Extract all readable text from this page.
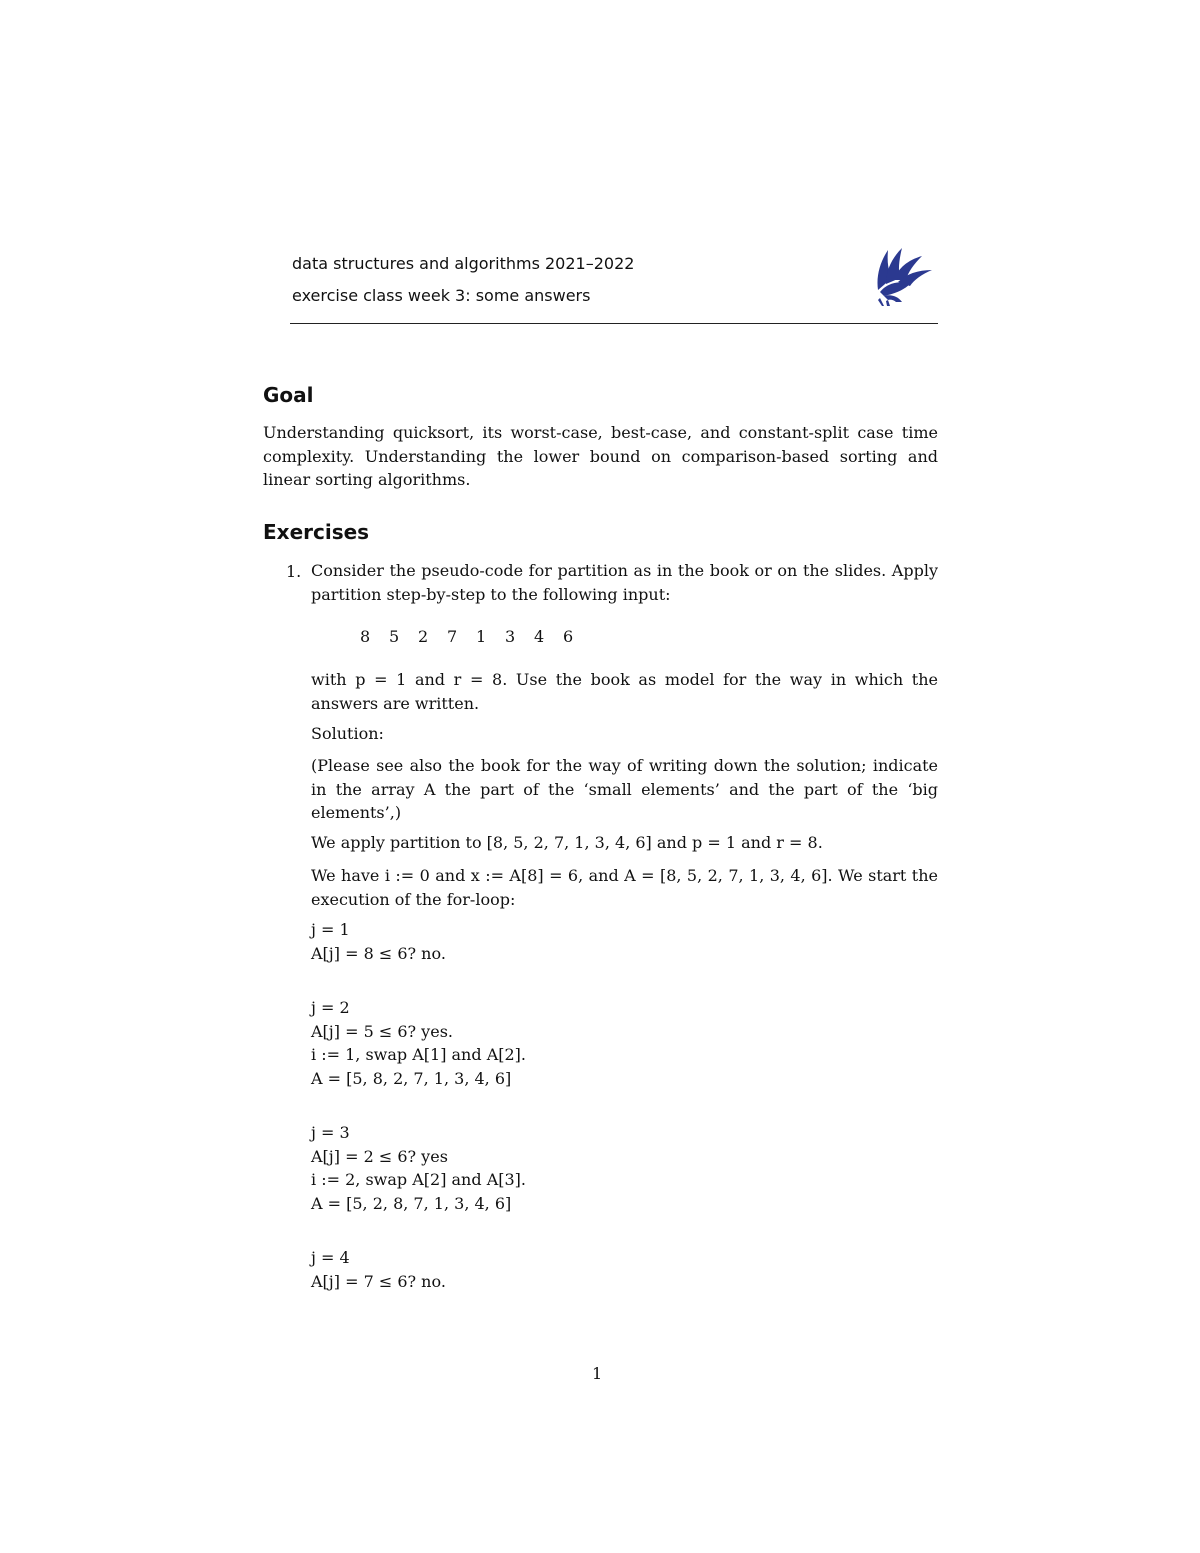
data structures and algorithms 2021–2022
exercise class week 3: some answers
Goal
Understanding quicksort, its worst-case, best-case, and constant-split case time complexity. Understanding the lower bound on comparison-based sorting and linear sorting algorithms.
Exercises
1. Consider the pseudo-code for partition as in the book or on the slides. Apply partition step-by-step to the following input:
8 5 2 7 1 3 4 6
with p = 1 and r = 8. Use the book as model for the way in which the answers are written.
Solution:
(Please see also the book for the way of writing down the solution; indicate in the array A the part of the ‘small elements’ and the part of the ‘big elements’,)
We apply partition to [8, 5, 2, 7, 1, 3, 4, 6] and p = 1 and r = 8.
We have i := 0 and x := A[8] = 6, and A = [8, 5, 2, 7, 1, 3, 4, 6]. We start the execution of the for-loop:
j = 1
A[j] = 8 ≤ 6? no.
j = 2
A[j] = 5 ≤ 6? yes.
i := 1, swap A[1] and A[2].
A = [5, 8, 2, 7, 1, 3, 4, 6]
j = 3
A[j] = 2 ≤ 6? yes
i := 2, swap A[2] and A[3].
A = [5, 2, 8, 7, 1, 3, 4, 6]
j = 4
A[j] = 7 ≤ 6? no.
1
